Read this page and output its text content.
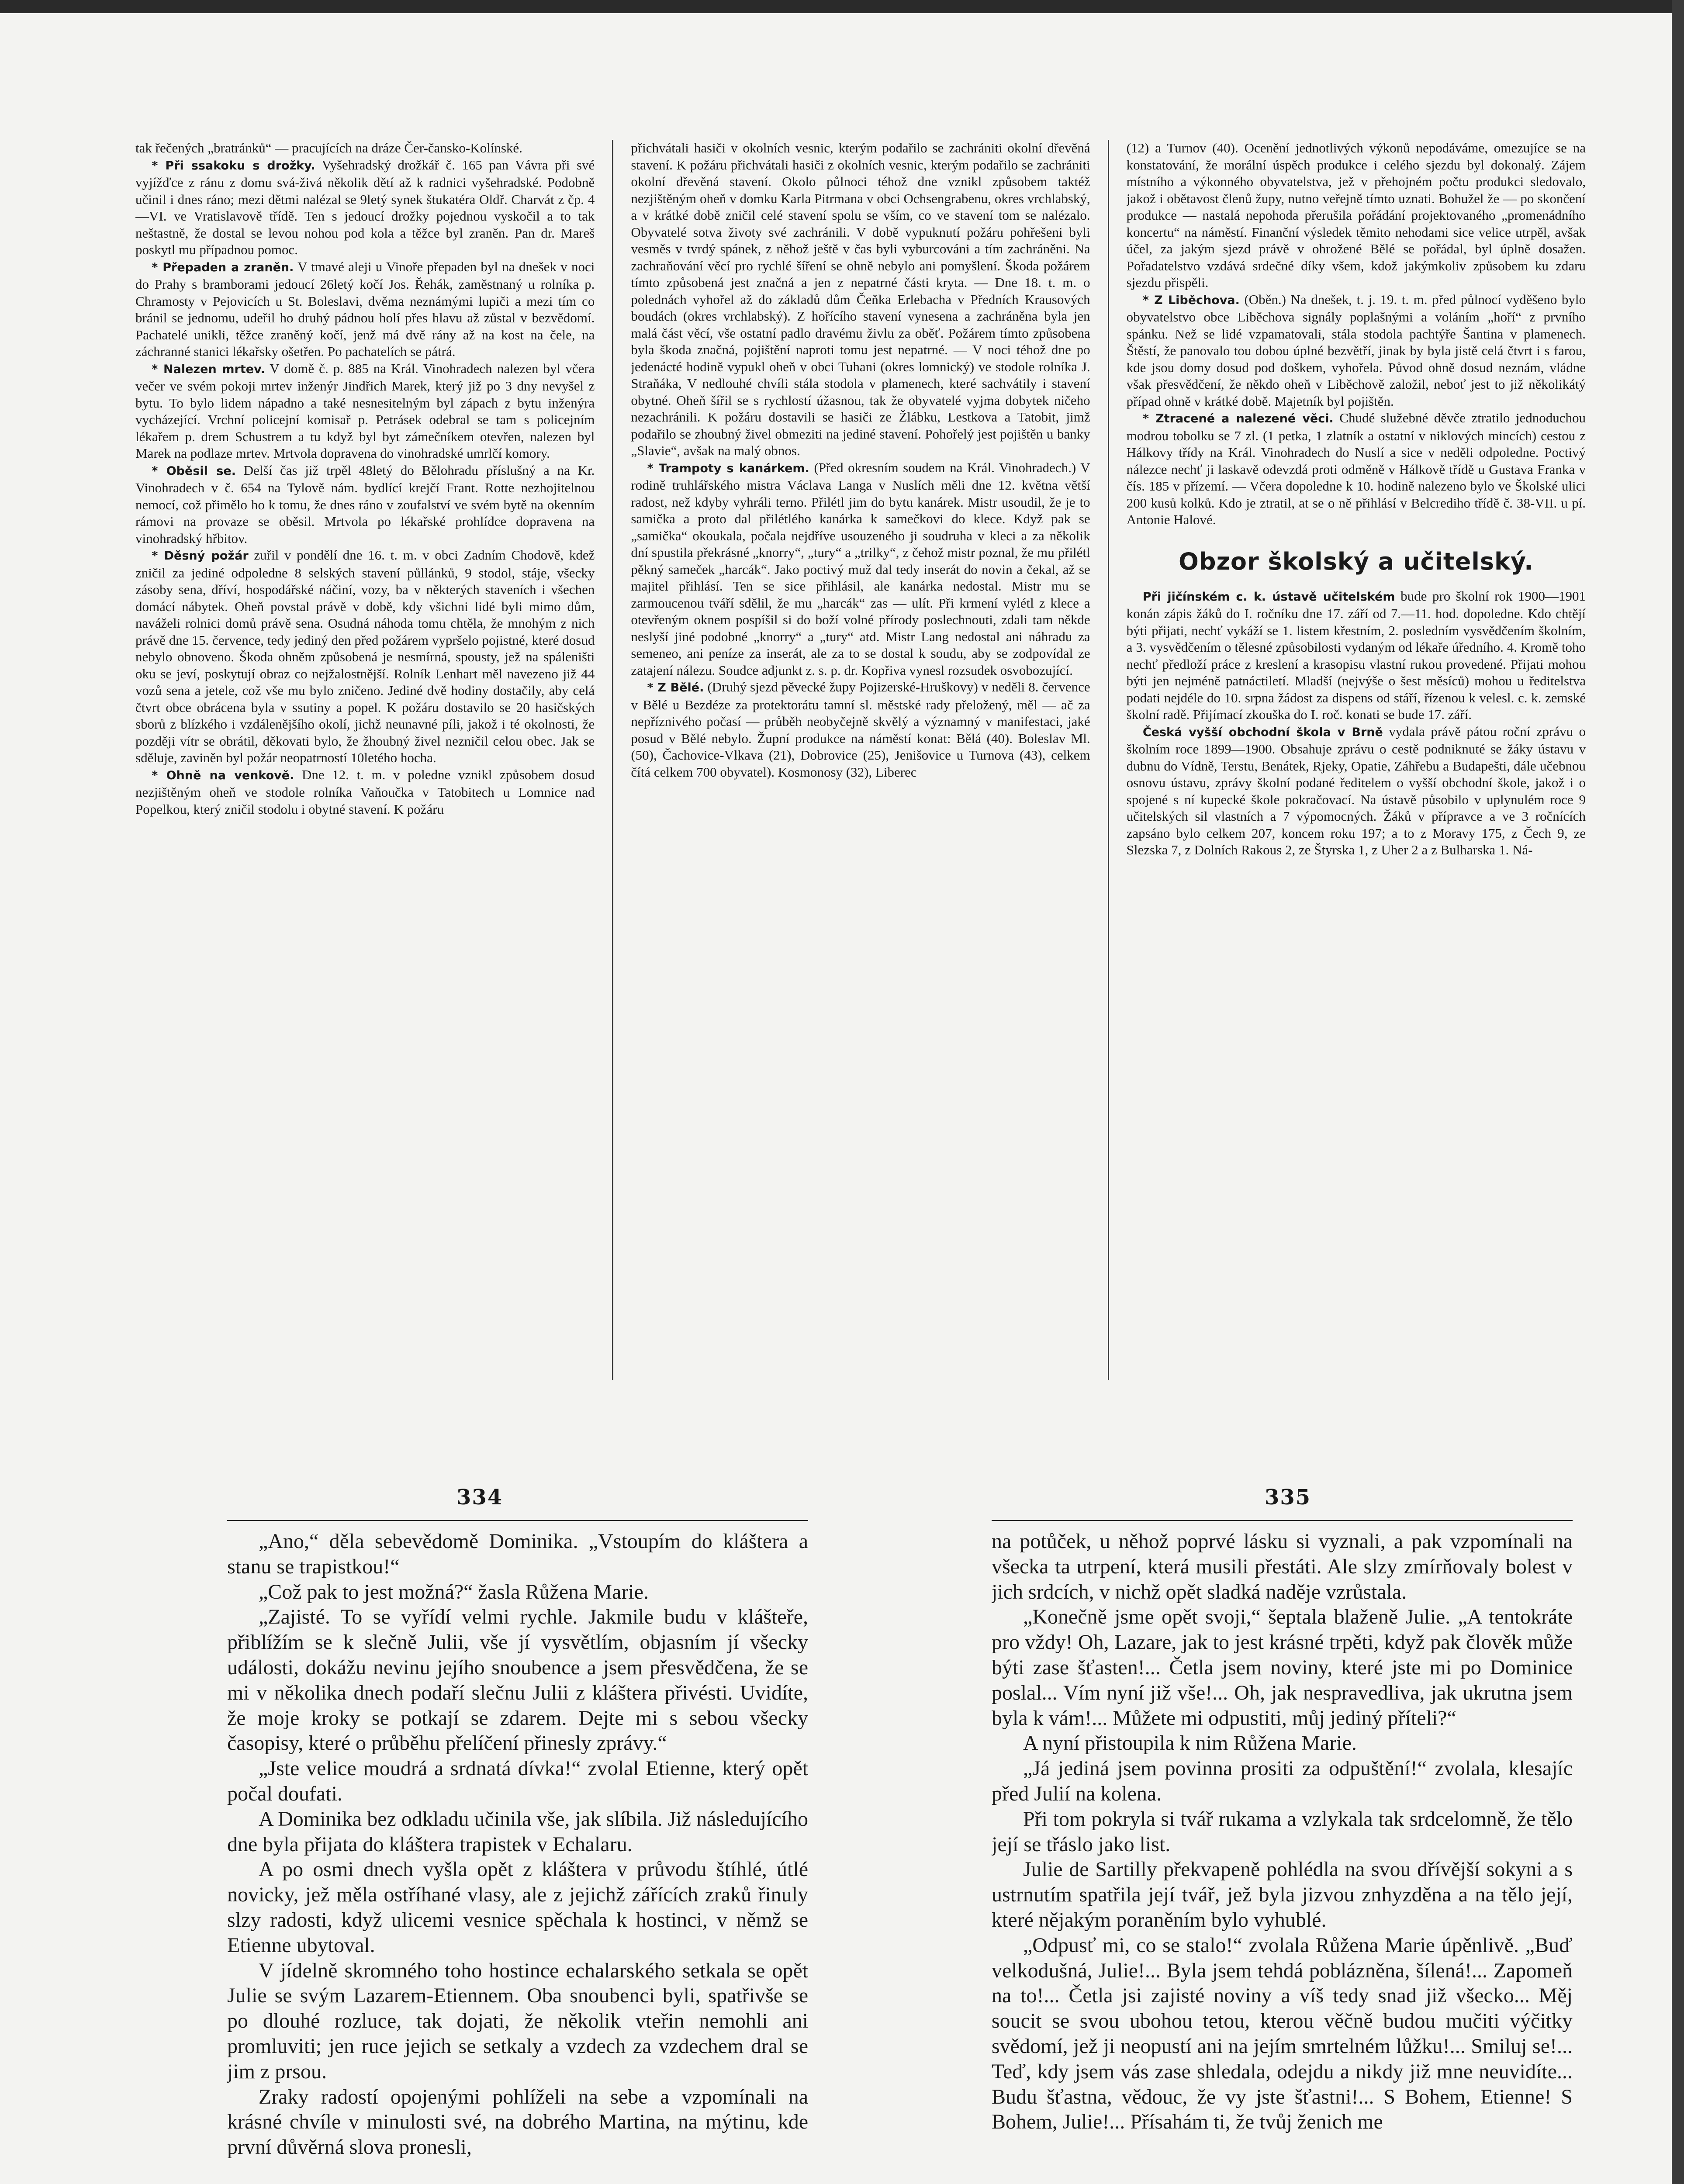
tak řečených „bratránků“ — pracujících na dráze Čer-čansko-Kolínské.

* Při ssakoku s drožky. Vyšehradský drožkář č. 165 pan Vávra při své vyjížďce z ránu z domu svá-živá několik dětí až k radnici vyšehradské. Podobně učinil i dnes ráno; mezi dětmi nalézal se 9letý synek štukatéra Oldř. Charvát z čp. 4—VI. ve Vratislavově třídě. Ten s jedoucí drožky pojednou vyskočil a to tak neštastně, že dostal se levou nohou pod kola a těžce byl zraněn. Pan dr. Mareš poskytl mu případnou pomoc.

* Přepaden a zraněn. V tmavé aleji u Vinoře přepaden byl na dnešek v noci do Prahy s bramborami jedoucí 26letý kočí Jos. Řehák, zaměstnaný u rolníka p. Chramosty v Pejovicích u St. Boleslavi, dvěma neznámými lupiči a mezi tím co bránil se jednomu, udeřil ho druhý pádnou holí přes hlavu až zůstal v bezvědomí. Pachatelé unikli, těžce zraněný kočí, jenž má dvě rány až na kost na čele, na záchranné stanici lékařsky ošetřen. Po pachatelích se pátrá.

* Nalezen mrtev. V domě č. p. 885 na Král. Vinohradech nalezen byl včera večer ve svém pokoji mrtev inženýr Jindřich Marek, který již po 3 dny nevyšel z bytu. To bylo lidem nápadno a také nesnesitelným byl zápach z bytu inženýra vycházející. Vrchní policejní komisař p. Petrásek odebral se tam s policejním lékařem p. drem Schustrem a tu když byl byt zámečníkem otevřen, nalezen byl Marek na podlaze mrtev. Mrtvola dopravena do vinohradské umrlčí komory.

* Oběsil se. Delší čas již trpěl 48letý do Bělohradu příslušný a na Kr. Vinohradech v č. 654 na Tylově nám. bydlící krejčí Frant. Rotte nezhojitelnou nemocí, což přimělo ho k tomu, že dnes ráno v zoufalství ve svém bytě na okenním rámovi na provaze se oběsil. Mrtvola po lékařské prohlídce dopravena na vinohradský hřbitov.

* Děsný požár zuřil v pondělí dne 16. t. m. v obci Zadním Chodově, kdež zničil za jediné odpoledne 8 selských stavení půllánků, 9 stodol, stáje, všecky zásoby sena, dříví, hospodářské náčiní, vozy, ba v některých staveních i všechen domácí nábytek. Oheň povstal právě v době, kdy všichni lidé byli mimo dům, naváželi rolnici domů právě sena. Osudná náhoda tomu chtěla, že mnohým z nich právě dne 15. července, tedy jediný den před požárem vypršelo pojistné, které dosud nebylo obnoveno. Škoda ohněm způsobená je nesmírná, spousty, jež na spáleništi oku se jeví, poskytují obraz co nejžalostnější. Rolník Lenhart měl navezeno již 44 vozů sena a jetele, což vše mu bylo zničeno. Jediné dvě hodiny dostačily, aby celá čtvrt obce obrácena byla v ssutiny a popel. K požáru dostavilo se 20 hasičských sborů z blízkého i vzdálenějšího okolí, jichž neunavné píli, jakož i té okolnosti, že později vítr se obrátil, děkovati bylo, že žhoubný živel nezničil celou obec. Jak se sděluje, zaviněn byl požár neopatrností 10letého hocha.

* Ohně na venkově. Dne 12. t. m. v poledne vznikl způsobem dosud nezjištěným oheň ve stodole rolníka Vaňoučka v Tatobitech u Lomnice nad Popelkou, který zničil stodolu i obytné stavení. K požáru

přichvátali hasiči v okolních vesnic, kterým podařilo se zachrániti okolní dřevěná stavení. K požáru přichvátali hasiči z okolních vesnic, kterým podařilo se zachrániti okolní dřevěná stavení. Okolo půlnoci téhož dne vznikl způsobem taktéž nezjištěným oheň v domku Karla Pitrmana v obci Ochsengrabenu, okres vrchlabský, a v krátké době zničil celé stavení spolu se vším, co ve stavení tom se nalézalo. Obyvatelé sotva životy své zachránili. V době vypuknutí požáru pohřešeni byli vesměs v tvrdý spánek, z něhož ještě v čas byli vyburcováni a tím zachráněni. Na zachraňování věcí pro rychlé šíření se ohně nebylo ani pomyšlení. Škoda požárem tímto způsobená jest značná a jen z nepatrné části kryta. — Dne 18. t. m. o polednách vyhořel až do základů dům Čeňka Erlebacha v Předních Krausových boudách (okres vrchlabský). Z hořícího stavení vynesena a zachráněna byla jen malá část věcí, vše ostatní padlo dravému živlu za oběť. Požárem tímto způsobena byla škoda značná, pojištění naproti tomu jest nepatrné. — V noci téhož dne po jedenácté hodině vypukl oheň v obci Tuhani (okres lomnický) ve stodole rolníka J. Straňáka, V nedlouhé chvíli stála stodola v plamenech, které sachvátily i stavení obytné. Oheň šířil se s rychlostí úžasnou, tak že obyvatelé vyjma dobytek ničeho nezachránili. K požáru dostavili se hasiči ze Žlábku, Lestkova a Tatobit, jimž podařilo se zhoubný živel obmeziti na jediné stavení. Pohořelý jest pojištěn u banky „Slavie“, avšak na malý obnos.

* Trampoty s kanárkem. (Před okresním soudem na Král. Vinohradech.) V rodině truhlářského mistra Václava Langa v Nuslích měli dne 12. května větší radost, než kdyby vyhráli terno. Přilétl jim do bytu kanárek. Mistr usoudil, že je to samička a proto dal přilétlého kanárka k samečkovi do klece. Když pak se „samička“ okoukala, počala nejdříve usouzeného ji soudruha v kleci a za několik dní spustila překrásné „knorry“, „tury“ a „trilky“, z čehož mistr poznal, že mu přilétl pěkný sameček „harcák“. Jako poctivý muž dal tedy inserát do novin a čekal, až se majitel přihlásí. Ten se sice přihlásil, ale kanárka nedostal. Mistr mu se zarmoucenou tváří sdělil, že mu „harcák“ zas — ulít. Při krmení vylétl z klece a otevřeným oknem pospíšil si do boží volné přírody poslechnouti, zdali tam někde neslyší jiné podobné „knorry“ a „tury“ atd. Mistr Lang nedostal ani náhradu za semeneo, ani peníze za inserát, ale za to se dostal k soudu, aby se zodpovídal ze zatajení nálezu. Soudce adjunkt z. s. p. dr. Kopřiva vynesl rozsudek osvobozující.

* Z Bělé. (Druhý sjezd pěvecké župy Pojizerské-Hruškovy) v neděli 8. července v Bělé u Bezdéze za protektorátu tamní sl. městské rady přeložený, měl — ač za nepříznivého počasí — průběh neobyčejně skvělý a významný v manifestaci, jaké posud v Bělé nebylo. Župní produkce na náměstí konat: Bělá (40). Boleslav Ml. (50), Čachovice-Vlkava (21), Dobrovice (25), Jenišovice u Turnova (43), celkem čítá celkem 700 obyvatel). Kosmonosy (32), Liberec

(12) a Turnov (40). Ocenění jednotlivých výkonů nepodáváme, omezujíce se na konstatování, že morální úspěch produkce i celého sjezdu byl dokonalý. Zájem místního a výkonného obyvatelstva, jež v přehojném počtu produkci sledovalo, jakož i obětavost členů župy, nutno veřejně tímto uznati. Bohužel že — po skončení produkce — nastalá nepohoda přerušila pořádání projektovaného „promenádního koncertu“ na náměstí. Finanční výsledek těmito nehodami sice velice utrpěl, avšak účel, za jakým sjezd právě v ohrožené Bělé se pořádal, byl úplně dosažen. Pořadatelstvo vzdává srdečné díky všem, kdož jakýmkoliv způsobem ku zdaru sjezdu přispěli.

* Z Liběchova. (Oběn.) Na dnešek, t. j. 19. t. m. před půlnocí vyděšeno bylo obyvatelstvo obce Liběchova signály poplašnými a voláním „hoří“ z prvního spánku. Než se lidé vzpamatovali, stála stodola pachtýře Šantina v plamenech. Štěstí, že panovalo tou dobou úplné bezvětří, jinak by byla jistě celá čtvrt i s farou, kde jsou domy dosud pod doškem, vyhořela. Původ ohně dosud neznám, vládne však přesvědčení, že někdo oheň v Liběchově založil, neboť jest to již několikátý případ ohně v krátké době. Majetník byl pojištěn.

* Ztracené a nalezené věci. Chudé služebné děvče ztratilo jednoduchou modrou tobolku se 7 zl. (1 petka, 1 zlatník a ostatní v niklových mincích) cestou z Hálkovy třídy na Král. Vinohradech do Nuslí a sice v neděli odpoledne. Poctivý nálezce nechť ji laskavě odevzdá proti odměně v Hálkově třídě u Gustava Franka v čís. 185 v přízemí. — Včera dopoledne k 10. hodině nalezeno bylo ve Školské ulici 200 kusů kolků. Kdo je ztratil, at se o ně přihlásí v Belcrediho třídě č. 38-VII. u pí. Antonie Halové.

Obzor školský a učitelský.

Při jičínském c. k. ústavě učitelském bude pro školní rok 1900—1901 konán zápis žáků do I. ročníku dne 17. září od 7.—11. hod. dopoledne. Kdo chtějí býti přijati, nechť vykáží se 1. listem křestním, 2. posledním vysvědčením školním, a 3. vysvědčením o tělesné způsobilosti vydaným od lékaře úředního. 4. Kromě toho nechť předloží práce z kreslení a krasopisu vlastní rukou provedené. Přijati mohou býti jen nejméně patnáctiletí. Mladší (nejvýše o šest měsíců) mohou u ředitelstva podati nejdéle do 10. srpna žádost za dispens od stáří, řízenou k velesl. c. k. zemské školní radě. Přijímací zkouška do I. roč. konati se bude 17. září.

Česká vyšší obchodní škola v Brně vydala právě pátou roční zprávu o školním roce 1899—1900. Obsahuje zprávu o cestě podniknuté se žáky ústavu v dubnu do Vídně, Terstu, Benátek, Rjeky, Opatie, Záhřebu a Budapešti, dále učebnou osnovu ústavu, zprávy školní podané ředitelem o vyšší obchodní škole, jakož i o spojené s ní kupecké škole pokračovací. Na ústavě působilo v uplynulém roce 9 učitelských sil vlastních a 7 výpomocných. Žáků v přípravce a ve 3 ročnících zapsáno bylo celkem 207, koncem roku 197; a to z Moravy 175, z Čech 9, ze Slezska 7, z Dolních Rakous 2, ze Štyrska 1, z Uher 2 a z Bulharska 1. Ná-

334	335

„Ano,“ děla sebevědomě Dominika. „Vstoupím do kláštera a stanu se trapistkou!“

„Což pak to jest možná?“ žasla Růžena Marie.

„Zajisté. To se vyřídí velmi rychle. Jakmile budu v klášteře, přiblížím se k slečně Julii, vše jí vysvětlím, objasním jí všecky události, dokážu nevinu jejího snoubence a jsem přesvědčena, že se mi v několika dnech podaří slečnu Julii z kláštera přivésti. Uvidíte, že moje kroky se potkají se zdarem. Dejte mi s sebou všecky časopisy, které o průběhu přelíčení přinesly zprávy.“

„Jste velice moudrá a srdnatá dívka!“ zvolal Etienne, který opět počal doufati.

A Dominika bez odkladu učinila vše, jak slíbila. Již následujícího dne byla přijata do kláštera trapistek v Echalaru.

A po osmi dnech vyšla opět z kláštera v průvodu štíhlé, útlé novicky, jež měla ostříhané vlasy, ale z jejichž zářících zraků řinuly slzy radosti, když ulicemi vesnice spěchala k hostinci, v němž se Etienne ubytoval.

V jídelně skromného toho hostince echalarského setkala se opět Julie se svým Lazarem-Etiennem. Oba snoubenci byli, spatřivše se po dlouhé rozluce, tak dojati, že několik vteřin nemohli ani promluviti; jen ruce jejich se setkaly a vzdech za vzdechem dral se jim z prsou.

Zraky radostí opojenými pohlíželi na sebe a vzpomínali na krásné chvíle v minulosti své, na dobrého Martina, na mýtinu, kde první důvěrná slova pronesli,

na potůček, u něhož poprvé lásku si vyznali, a pak vzpomínali na všecka ta utrpení, která musili přestáti. Ale slzy zmírňovaly bolest v jich srdcích, v nichž opět sladká naděje vzrůstala.

„Konečně jsme opět svoji,“ šeptala blaženě Julie. „A tentokráte pro vždy! Oh, Lazare, jak to jest krásné trpěti, když pak člověk může býti zase šťasten!... Četla jsem noviny, které jste mi po Dominice poslal... Vím nyní již vše!... Oh, jak nespravedliva, jak ukrutna jsem byla k vám!... Můžete mi odpustiti, můj jediný příteli?“

A nyní přistoupila k nim Růžena Marie.

„Já jediná jsem povinna prositi za odpuštění!“ zvolala, klesajíc před Julií na kolena.

Při tom pokryla si tvář rukama a vzlykala tak srdcelomně, že tělo její se třáslo jako list.

Julie de Sartilly překvapeně pohlédla na svou dřívější sokyni a s ustrnutím spatřila její tvář, jež byla jizvou znhyzděna a na tělo její, které nějakým poraněním bylo vyhublé.

„Odpusť mi, co se stalo!“ zvolala Růžena Marie úpěnlivě. „Buď velkodušná, Julie!... Byla jsem tehdá poblázněna, šílená!... Zapomeň na to!... Četla jsi zajisté noviny a víš tedy snad již všecko... Měj soucit se svou ubohou tetou, kterou věčně budou mučiti výčitky svědomí, jež ji neopustí ani na jejím smrtelném lůžku!... Smiluj se!... Teď, kdy jsem vás zase shledala, odejdu a nikdy již mne neuvidíte... Budu šťastna, vědouc, že vy jste šťastni!... S Bohem, Etienne! S Bohem, Julie!... Přísahám ti, že tvůj ženich me
